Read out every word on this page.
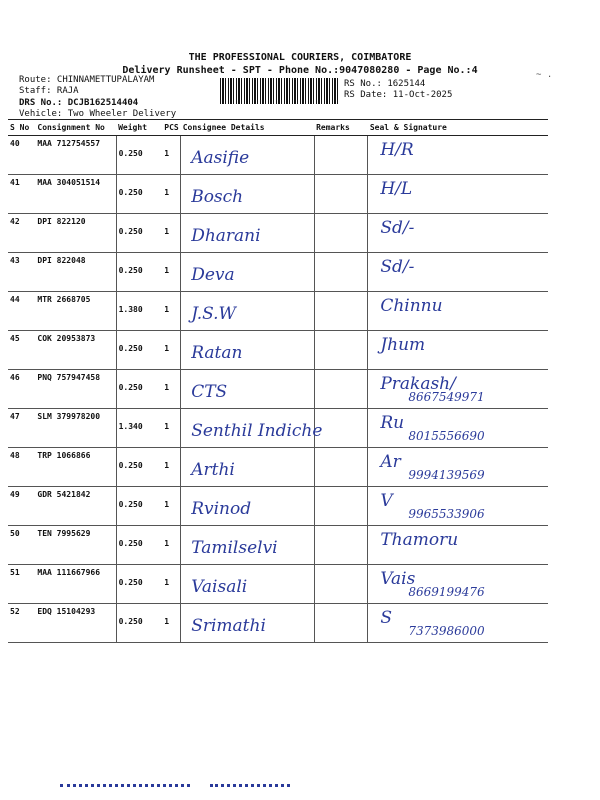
THE PROFESSIONAL COURIERS, COIMBATORE
Delivery Runsheet - SPT - Phone No.:9047080280 - Page No.:4	~ .
Route: CHINNAMETTUPALAYAM
Staff: RAJA
DRS No.: DCJB162514404
Vehicle: Two Wheeler Delivery
RS No.: 1625144
RS Date: 11-Oct-2025
S No	Consignment No	Weight	PCS	Consignee Details	Remarks	Seal & Signature

40	MAA 712754557	0.250	1	Aasifie		H/R

41	MAA 304051514	0.250	1	Bosch		H/L

42	DPI 822120	0.250	1	Dharani		Sd/-

43	DPI 822048	0.250	1	Deva		Sd/-

44	MTR 2668705	1.380	1	J.S.W		Chinnu

45	COK 20953873	0.250	1	Ratan		Jhum

46	PNQ 757947458	0.250	1	CTS		Prakash/
8667549971

47	SLM 379978200	1.340	1	Senthil Indiche		Ru
8015556690

48	TRP 1066866	0.250	1	Arthi		Ar
9994139569

49	GDR 5421842	0.250	1	Rvinod		V
9965533906

50	TEN 7995629	0.250	1	Tamilselvi		Thamoru

51	MAA 111667966	0.250	1	Vaisali		Vais
8669199476

52	EDQ 15104293	0.250	1	Srimathi		S
7373986000
